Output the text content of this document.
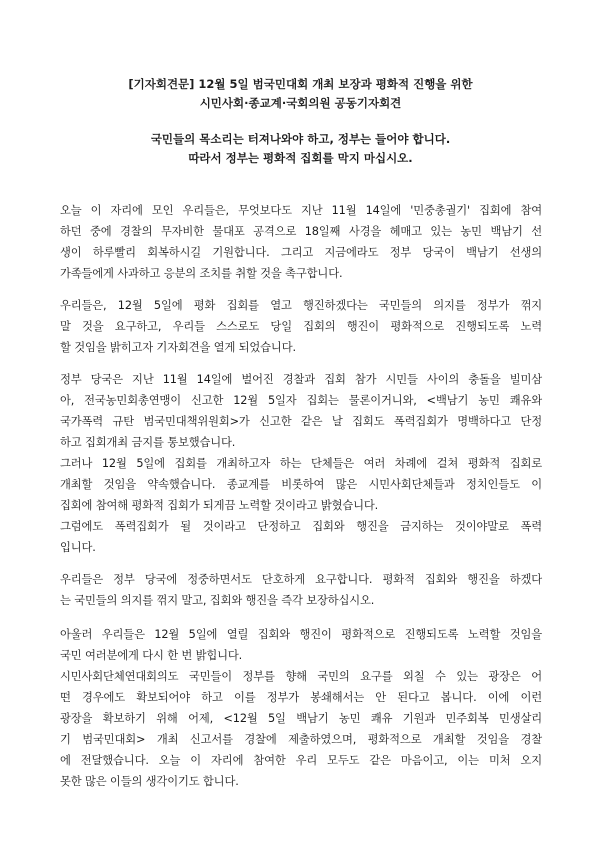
[기자회견문] 12월 5일 범국민대회 개최 보장과 평화적 진행을 위한
시민사회·종교계·국회의원 공동기자회견
국민들의 목소리는 터져나와야 하고, 정부는 들어야 합니다.
따라서 정부는 평화적 집회를 막지 마십시오.
오늘 이 자리에 모인 우리들은, 무엇보다도 지난 11월 14일에 '민중총궐기' 집회에 참여
하던 중에 경찰의 무자비한 물대포 공격으로 18일째 사경을 헤매고 있는 농민 백남기 선
생이 하루빨리 회복하시길 기원합니다. 그리고 지금에라도 정부 당국이 백남기 선생의
가족들에게 사과하고 응분의 조치를 취할 것을 촉구합니다.
우리들은, 12월 5일에 평화 집회를 열고 행진하겠다는 국민들의 의지를 정부가 꺾지
말 것을 요구하고, 우리들 스스로도 당일 집회의 행진이 평화적으로 진행되도록 노력
할 것임을 밝히고자 기자회견을 열게 되었습니다.
정부 당국은 지난 11월 14일에 벌어진 경찰과 집회 참가 시민들 사이의 충돌을 빌미삼
아, 전국농민회총연맹이 신고한 12월 5일자 집회는 물론이거니와, <백남기 농민 쾌유와
국가폭력 규탄 범국민대책위원회>가 신고한 같은 날 집회도 폭력집회가 명백하다고 단정
하고 집회개최 금지를 통보했습니다.
그러나 12월 5일에 집회를 개최하고자 하는 단체들은 여러 차례에 걸쳐 평화적 집회로
개최할 것임을 약속했습니다. 종교계를 비롯하여 많은 시민사회단체들과 정치인들도 이
집회에 참여해 평화적 집회가 되게끔 노력할 것이라고 밝혔습니다.
그럼에도 폭력집회가 될 것이라고 단정하고 집회와 행진을 금지하는 것이야말로 폭력
입니다.
우리들은 정부 당국에 정중하면서도 단호하게 요구합니다. 평화적 집회와 행진을 하겠다
는 국민들의 의지를 꺾지 말고, 집회와 행진을 즉각 보장하십시오.
아울러 우리들은 12월 5일에 열릴 집회와 행진이 평화적으로 진행되도록 노력할 것임을
국민 여러분에게 다시 한 번 밝힙니다.
시민사회단체연대회의도 국민들이 정부를 향해 국민의 요구를 외칠 수 있는 광장은 어
떤 경우에도 확보되어야 하고 이를 정부가 봉쇄해서는 안 된다고 봅니다. 이에 이런
광장을 확보하기 위해 어제, <12월 5일 백남기 농민 쾌유 기원과 민주회복 민생살리
기 범국민대회> 개최 신고서를 경찰에 제출하였으며, 평화적으로 개최할 것임을 경찰
에 전달했습니다. 오늘 이 자리에 참여한 우리 모두도 같은 마음이고, 이는 미처 오지
못한 많은 이들의 생각이기도 합니다.
